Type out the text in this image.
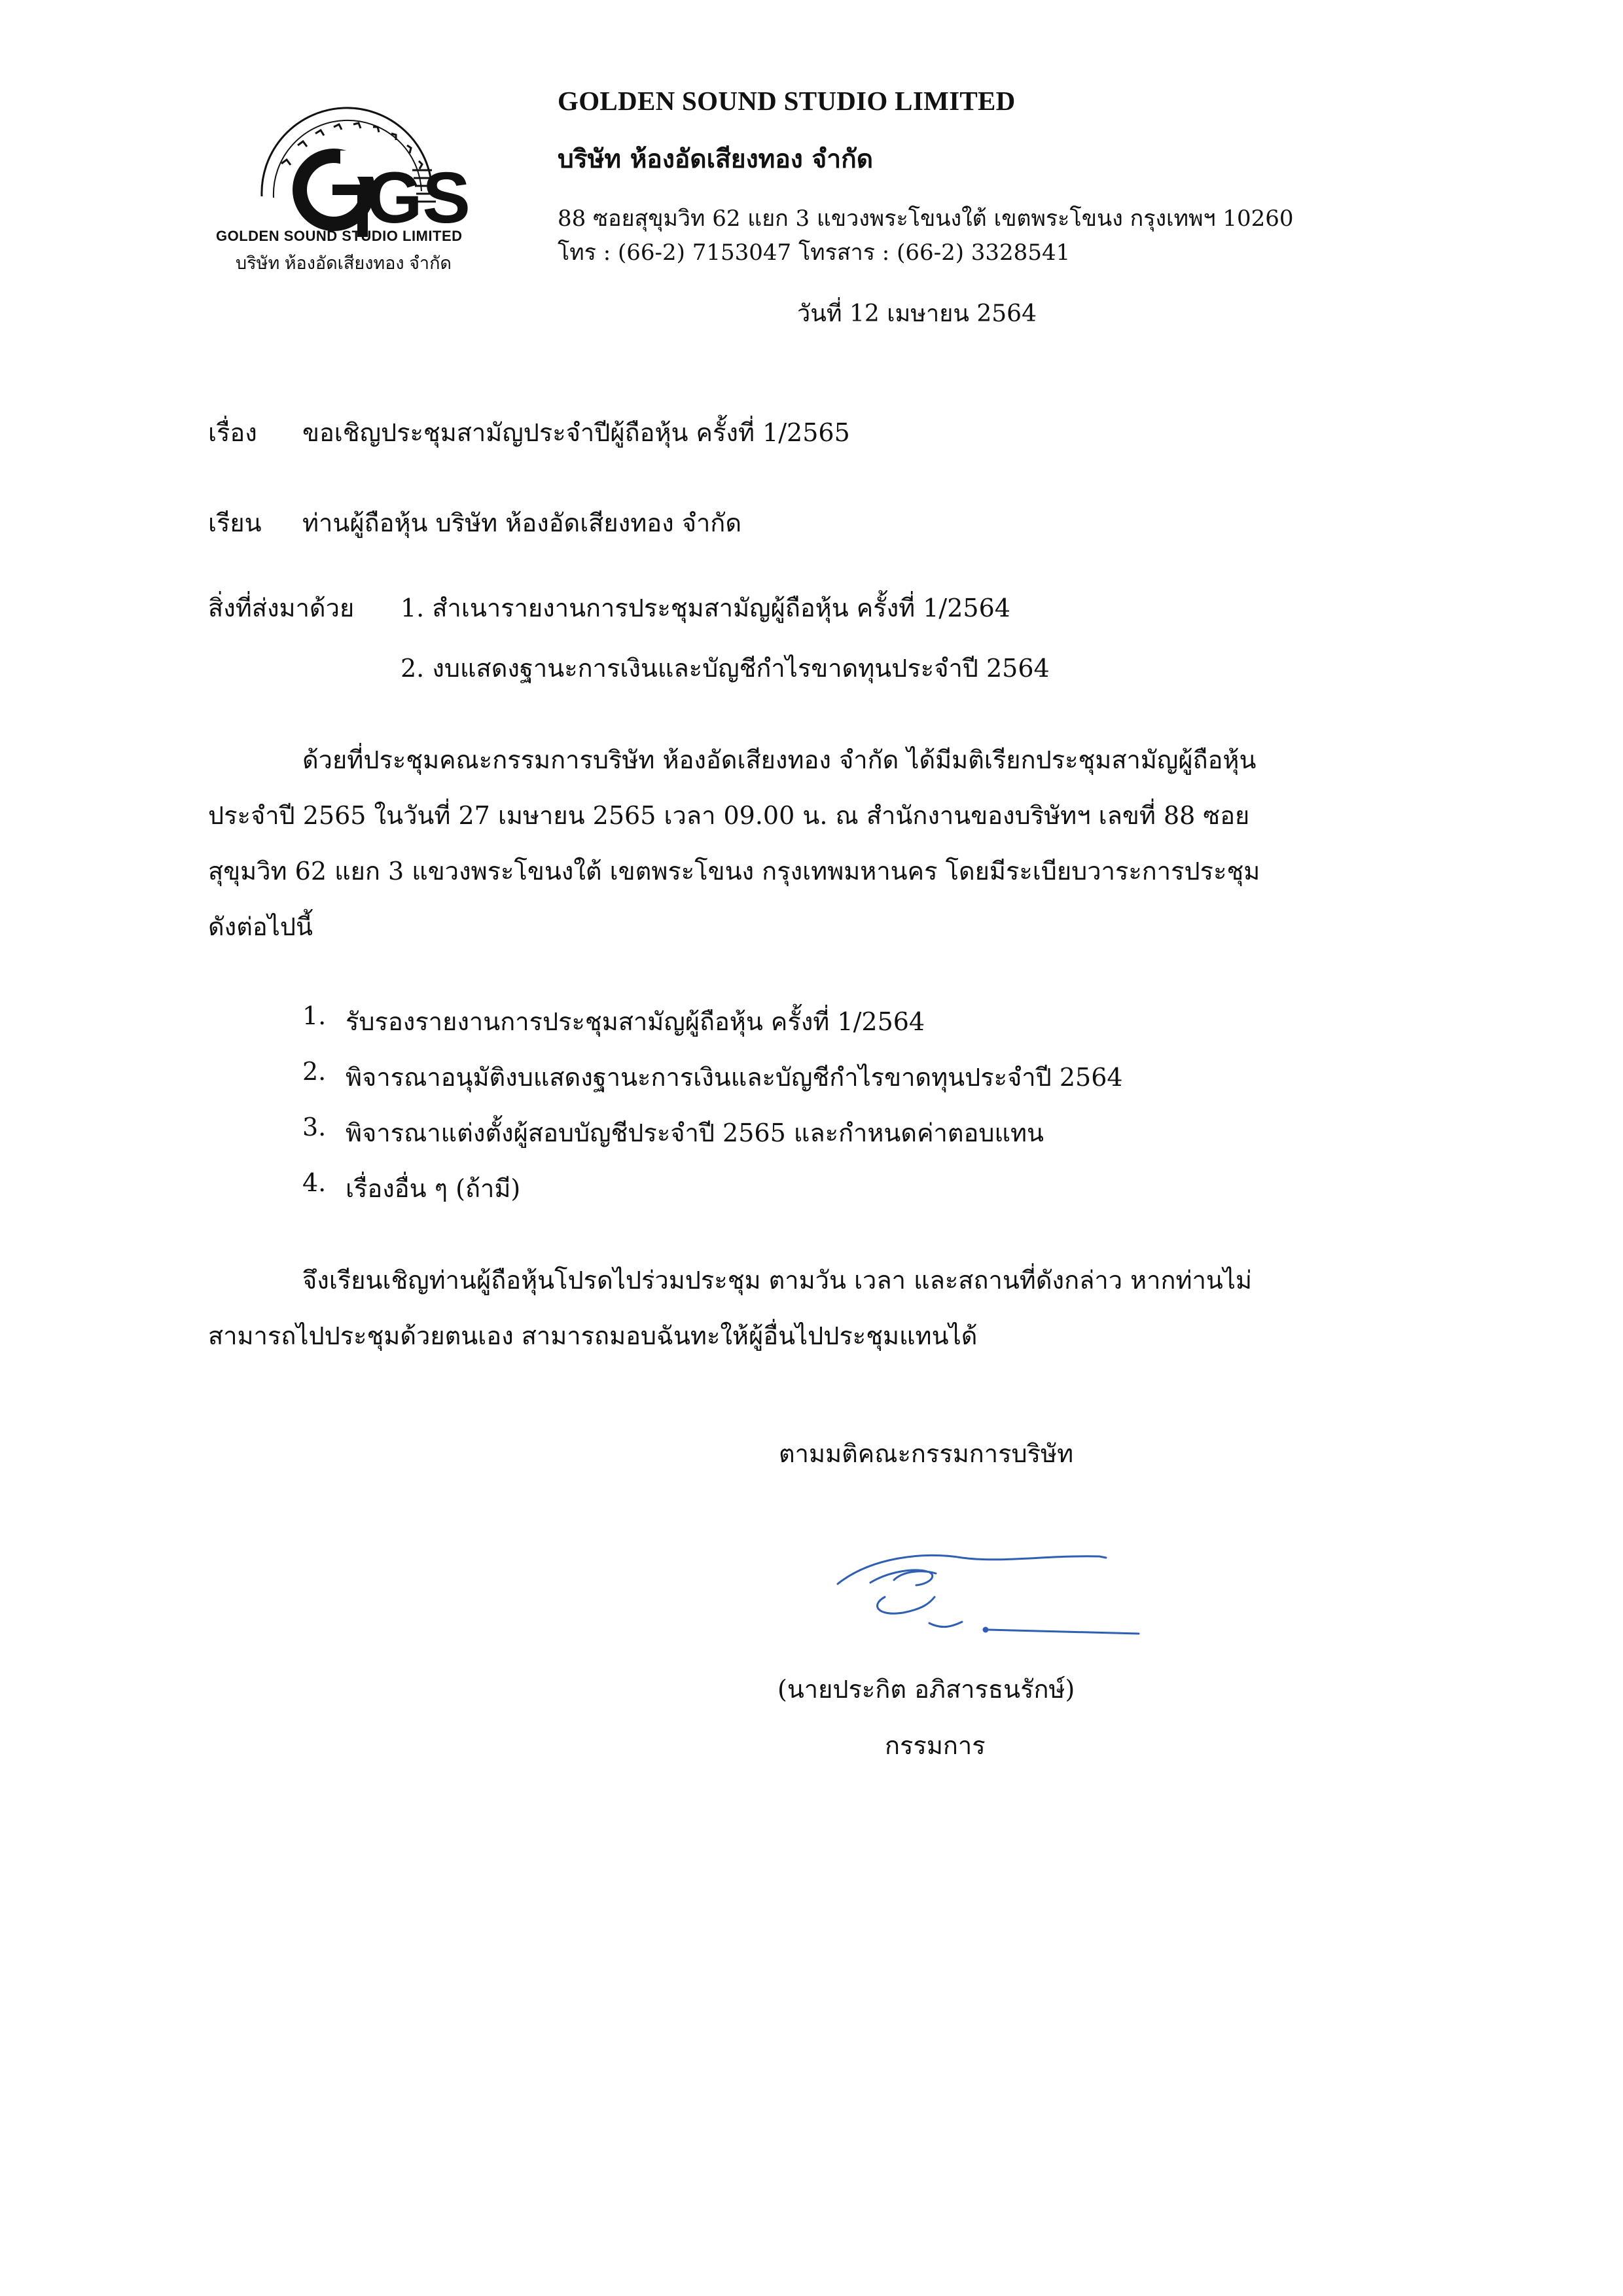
GS
GOLDEN SOUND STUDIO LIMITED
บริษัท ห้องอัดเสียงทอง จำกัด
GOLDEN SOUND STUDIO LIMITED
บริษัท ห้องอัดเสียงทอง จำกัด
88 ซอยสุขุมวิท 62 แยก 3 แขวงพระโขนงใต้ เขตพระโขนง กรุงเทพฯ 10260
โทร : (66-2) 7153047 โทรสาร : (66-2) 3328541
วันที่ 12 เมษายน 2564
เรื่อง ขอเชิญประชุมสามัญประจำปีผู้ถือหุ้น ครั้งที่ 1/2565
เรียน ท่านผู้ถือหุ้น บริษัท ห้องอัดเสียงทอง จำกัด
สิ่งที่ส่งมาด้วย 1. สำเนารายงานการประชุมสามัญผู้ถือหุ้น ครั้งที่ 1/2564
2. งบแสดงฐานะการเงินและบัญชีกำไรขาดทุนประจำปี 2564
ด้วยที่ประชุมคณะกรรมการบริษัท ห้องอัดเสียงทอง จำกัด ได้มีมติเรียกประชุมสามัญผู้ถือหุ้น
ประจำปี 2565 ในวันที่ 27 เมษายน 2565 เวลา 09.00 น. ณ สำนักงานของบริษัทฯ เลขที่ 88 ซอย
สุขุมวิท 62 แยก 3 แขวงพระโขนงใต้ เขตพระโขนง กรุงเทพมหานคร โดยมีระเบียบวาระการประชุม
ดังต่อไปนี้
1. รับรองรายงานการประชุมสามัญผู้ถือหุ้น ครั้งที่ 1/2564
2. พิจารณาอนุมัติงบแสดงฐานะการเงินและบัญชีกำไรขาดทุนประจำปี 2564
3. พิจารณาแต่งตั้งผู้สอบบัญชีประจำปี 2565 และกำหนดค่าตอบแทน
4. เรื่องอื่น ๆ (ถ้ามี)
จึงเรียนเชิญท่านผู้ถือหุ้นโปรดไปร่วมประชุม ตามวัน เวลา และสถานที่ดังกล่าว หากท่านไม่
สามารถไปประชุมด้วยตนเอง สามารถมอบฉันทะให้ผู้อื่นไปประชุมแทนได้
ตามมติคณะกรรมการบริษัท
(นายประกิต อภิสารธนรักษ์)
กรรมการ
